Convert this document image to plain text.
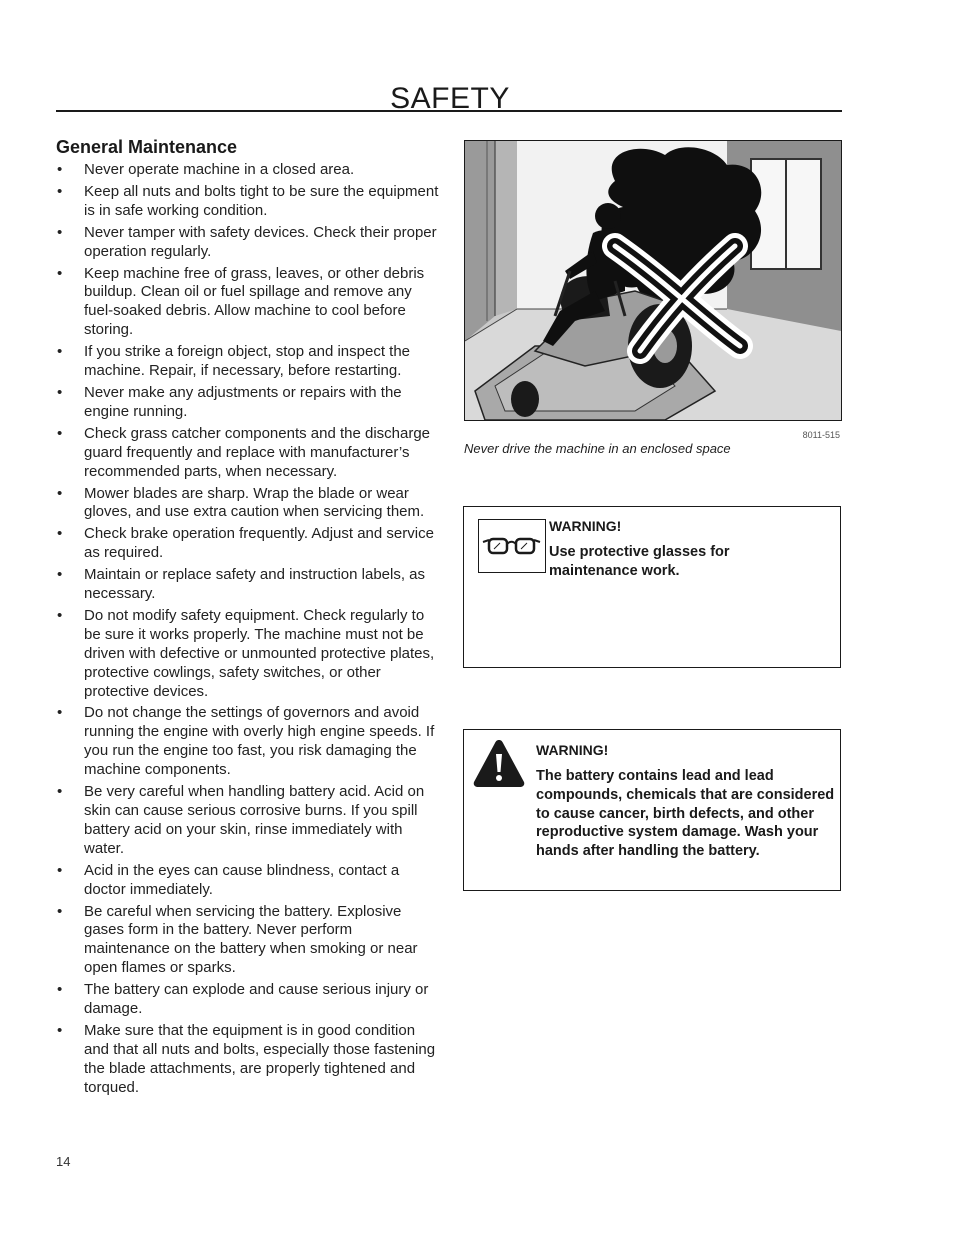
SAFETY
General Maintenance
• Never operate machine in a closed area.
• Keep all nuts and bolts tight to be sure the equipment is in safe working condition.
• Never tamper with safety devices. Check their proper operation regularly.
• Keep machine free of grass, leaves, or other debris buildup. Clean oil or fuel spillage and remove any fuel-soaked debris. Allow machine to cool before storing.
• If you strike a foreign object, stop and inspect the machine. Repair, if necessary, before restarting.
• Never make any adjustments or repairs with the engine running.
• Check grass catcher components and the discharge guard frequently and replace with manufacturer’s recommended parts, when necessary.
• Mower blades are sharp. Wrap the blade or wear gloves, and use extra caution when servicing them.
• Check brake operation frequently. Adjust and service as required.
• Maintain or replace safety and instruction labels, as necessary.
• Do not modify safety equipment. Check regularly to be sure it works properly. The machine must not be driven with defective or unmounted protective plates, protective cowlings, safety switches, or other protective devices.
• Do not change the settings of governors and avoid running the engine with overly high engine speeds. If you run the engine too fast, you risk damaging the machine components.
• Be very careful when handling battery acid. Acid on skin can cause serious corrosive burns. If you spill battery acid on your skin, rinse immediately with water.
• Acid in the eyes can cause blindness, contact a doctor immediately.
• Be careful when servicing the battery. Explosive gases form in the battery. Never perform maintenance on the battery when smoking or near open flames or sparks.
• The battery can explode and cause serious injury or damage.
• Make sure that the equipment is in good condition and that all nuts and bolts, especially those fastening the blade attachments, are properly tightened and torqued.
8011-515
Never drive the machine in an enclosed space
WARNING!
Use protective glasses for maintenance work.
WARNING!
The battery contains lead and lead compounds, chemicals that are considered to cause cancer, birth defects, and other reproductive system damage. Wash your hands after handling the battery.
14
